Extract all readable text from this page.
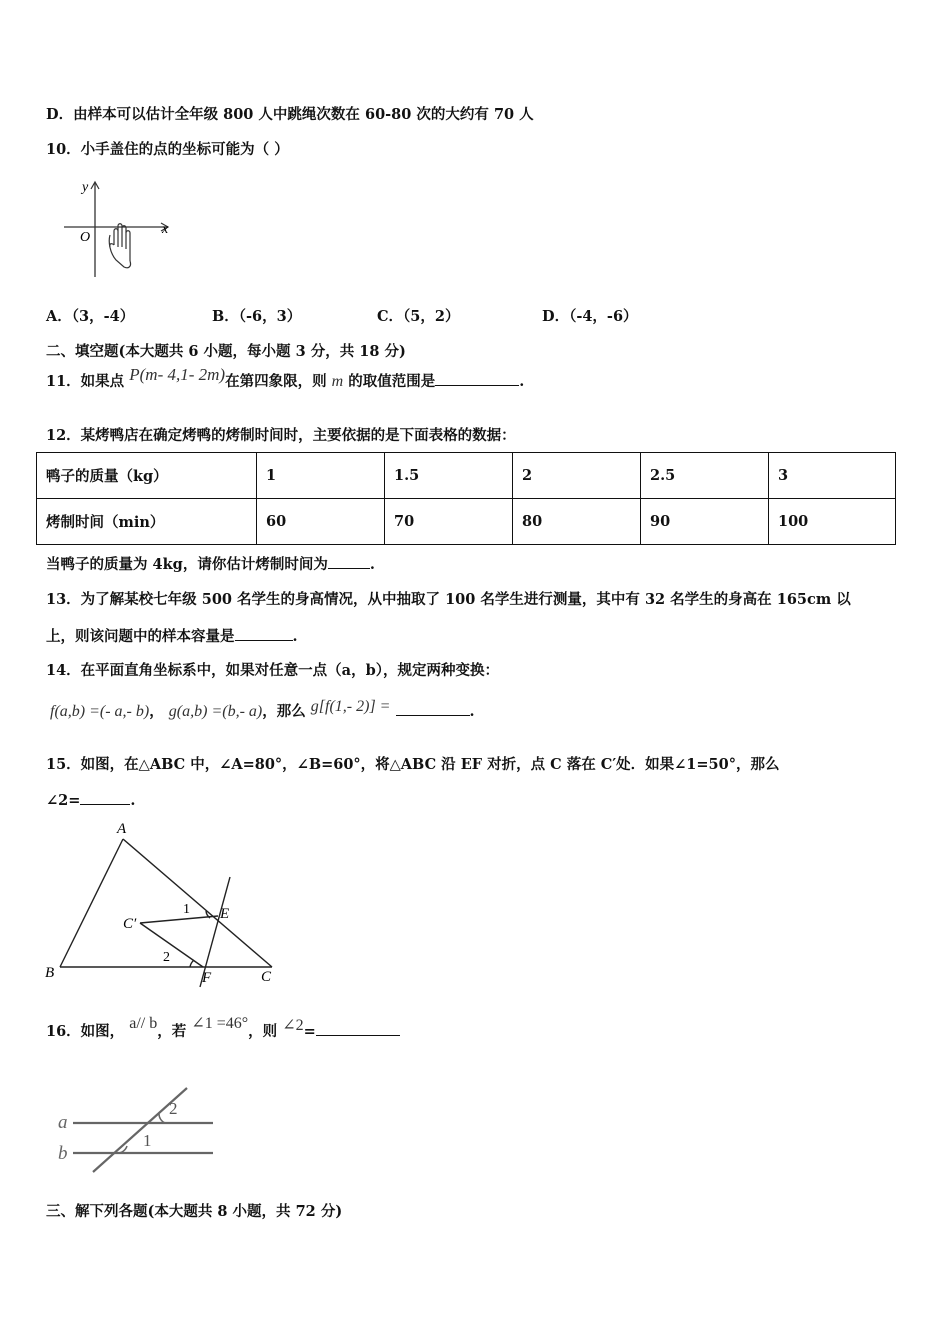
D．由样本可以估计全年级 800 人中跳绳次数在 60-80 次的大约有 70 人
10．小手盖住的点的坐标可能为（ ）
y
x
O
A．（3，-4）	B．（-6，3）	C．（5，2）	D．（-4，-6）
二、填空题(本大题共 6 小题，每小题 3 分，共 18 分)
11．如果点 P(m- 4,1- 2m)在第四象限，则 m 的取值范围是	.
12．某烤鸭店在确定烤鸭的烤制时间时，主要依据的是下面表格的数据：
鸭子的质量（kg）	1	1.5	2	2.5	3
烤制时间（min）	60	70	80	90	100
当鸭子的质量为 4kg，请你估计烤制时间为	.
13．为了解某校七年级 500 名学生的身高情况，从中抽取了 100 名学生进行测量，其中有 32 名学生的身高在 165cm 以
上，则该问题中的样本容量是	.
14．在平面直角坐标系中，如果对任意一点（a，b），规定两种变换：
f(a,b) =(- a,- b)， g(a,b) =(b,- a)，那么 g[f(1,- 2)] =	.
15．如图，在△ABC 中，∠A=80°，∠B=60°，将△ABC 沿 EF 对折，点 C 落在 C′处．如果∠1=50°，那么
∠2=	.
A
B	C
C′
E
F
1
2
16．如图， a// b，若 ∠1 =46°，则 ∠2=
a
b
2
1
三、解下列各题(本大题共 8 小题，共 72 分)
